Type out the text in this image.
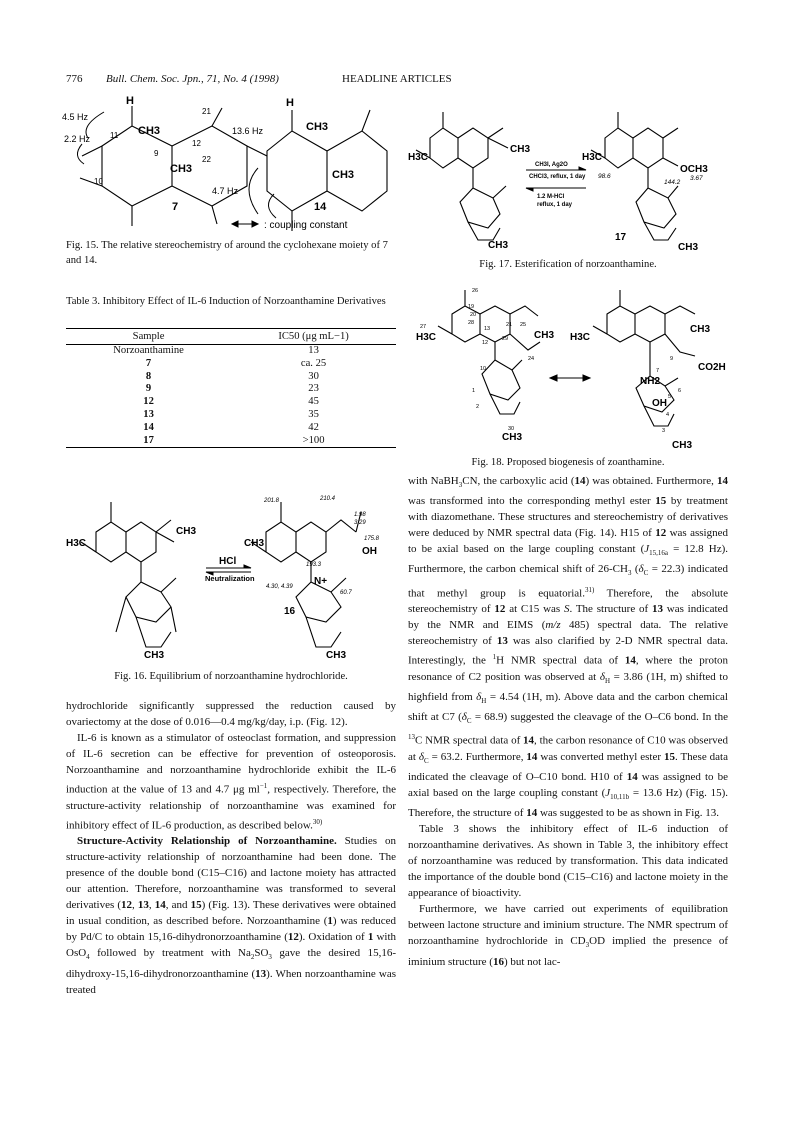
776 Bull. Chem. Soc. Jpn., 71, No. 4 (1998)	HEADLINE ARTICLES
4.5 Hz
2.2 Hz
13.6 Hz
4.7 Hz
H	H
CH3	CH3
CH3	CH3
7	14
11
12
21
22
9
10
: coupling constant
Fig. 15. The relative stereochemistry of around the cyclohexane moiety of 7 and 14.
Table 3. Inhibitory Effect of IL-6 Induction of Norzoanthamine Derivatives
Sample	IC50 (μg mL−1)
Norzoanthamine	13
7	ca. 25
8	30
9	23
12	45
13	35
14	42
17	>100
H3C
CH3
CH3
CH3
CH3
OH
N+
HCl
16
Neutralization
201.8	210.4
1.98
3.29
175.8
193.3
4.30, 4.39
60.7
Fig. 16. Equilibrium of norzoanthamine hydrochloride.
H3C	H3C
CH3
CH3	CH3
OCH3
17
CH3I, Ag2O
CHCl3, reflux, 1 day
1.2 M-HCl
reflux, 1 day
98.6
144.2
3.67
Fig. 17. Esterification of norzoanthamine.
H3C	H3C
CH3
CH3
CH3
CH3
CO2H
NH2
OH
26
28
19
20
27	13
21 25
12
29
24
10
1
2
30
9
7
6
5
4
3
Fig. 18. Proposed biogenesis of zoanthamine.

hydrochloride significantly suppressed the reduction caused by ovariectomy at the dose of 0.016—0.4 mg/kg/day, i.p. (Fig. 12).

IL-6 is known as a stimulator of osteoclast formation, and suppression of IL-6 secretion can be effective for prevention of osteoporosis. Norzoanthamine and norzoanthamine hydrochloride exhibit the IL-6 induction at the value of 13 and 4.7 μg $ml^{-1}$, respectively. Therefore, the structure-activity relationship of norzoanthamine was examined for inhibitory effect of IL-6 production, as described below.$^{30)}$

Structure-Activity Relationship of Norzoanthamine. Studies on structure-activity relationship of norzoanthamine had been done. The presence of the double bond (C15–C16) and lactone moiety has attracted our attention. Therefore, norzoanthamine was transformed to several derivatives (12, 13, 14, and 15) (Fig. 13). These derivatives were obtained in usual condition, as described before. Norzoanthamine (1) was reduced by Pd/C to obtain 15,16-dihydronorzoanthamine (12). Oxidation of 1 with OsO$_4$ followed by treatment with $Na_2SO_3$ gave the desired 15,16-dihydroxy-15,16-dihydronorzoanthamine (13). When norzoanthamine was treated

with NaBH$_3$CN, the carboxylic acid (14) was obtained. Furthermore, 14 was transformed into the corresponding methyl ester 15 by treatment with diazomethane. These structures and stereochemistry of derivatives were deduced by NMR spectral data (Fig. 14). H15 of 12 was assigned to be axial based on the large coupling constant ($J_{15,16a} = 12.8$ Hz). Furthermore, the carbon chemical shift of $26-CH_3$ $(\delta_C = 22.3)$ indicated that methyl group is equatorial.$^{31)}$ Therefore, the absolute stereochemistry of 12 at C15 was S. The structure of 13 was indicated by the NMR and EIMS (m/z 485) spectral data. The relative stereochemistry of 13 was also clarified by 2-D NMR spectral data. Interestingly, the $^1$H NMR spectral data of 14, where the proton resonance of C2 position was observed at $\delta_H = 3.86$ (1H, m) shifted to highfield from $\delta_H = 4.54$ (1H, m). Above data and the carbon chemical shift at C7 $(\delta_C = 68.9)$ suggested the cleavage of the O–C6 bond. In the $^{13}$C NMR spectral data of 14, the carbon resonance of C10 was observed at $\delta_C = 63.2$. Furthermore, 14 was converted methyl ester 15. These data indicated the cleavage of O–C10 bond. H10 of 14 was assigned to be axial based on the large coupling constant ($J_{10,11b} = 13.6$ Hz) (Fig. 15). Therefore, the structure of 14 was suggested to be as shown in Fig. 13.

Table 3 shows the inhibitory effect of IL-6 induction of norzoanthamine derivatives. As shown in Table 3, the inhibitory effect of norzoanthamine was reduced by transformation. This data indicated the importance of the double bond (C15–C16) and lactone moiety in the appearance of bioactivity.

Furthermore, we have carried out experiments of equilibration between lactone structure and iminium structure. The NMR spectrum of norzoanthamine hydrochloride in $CD_3OD$ implied the presence of iminium structure (16) but not lac-
